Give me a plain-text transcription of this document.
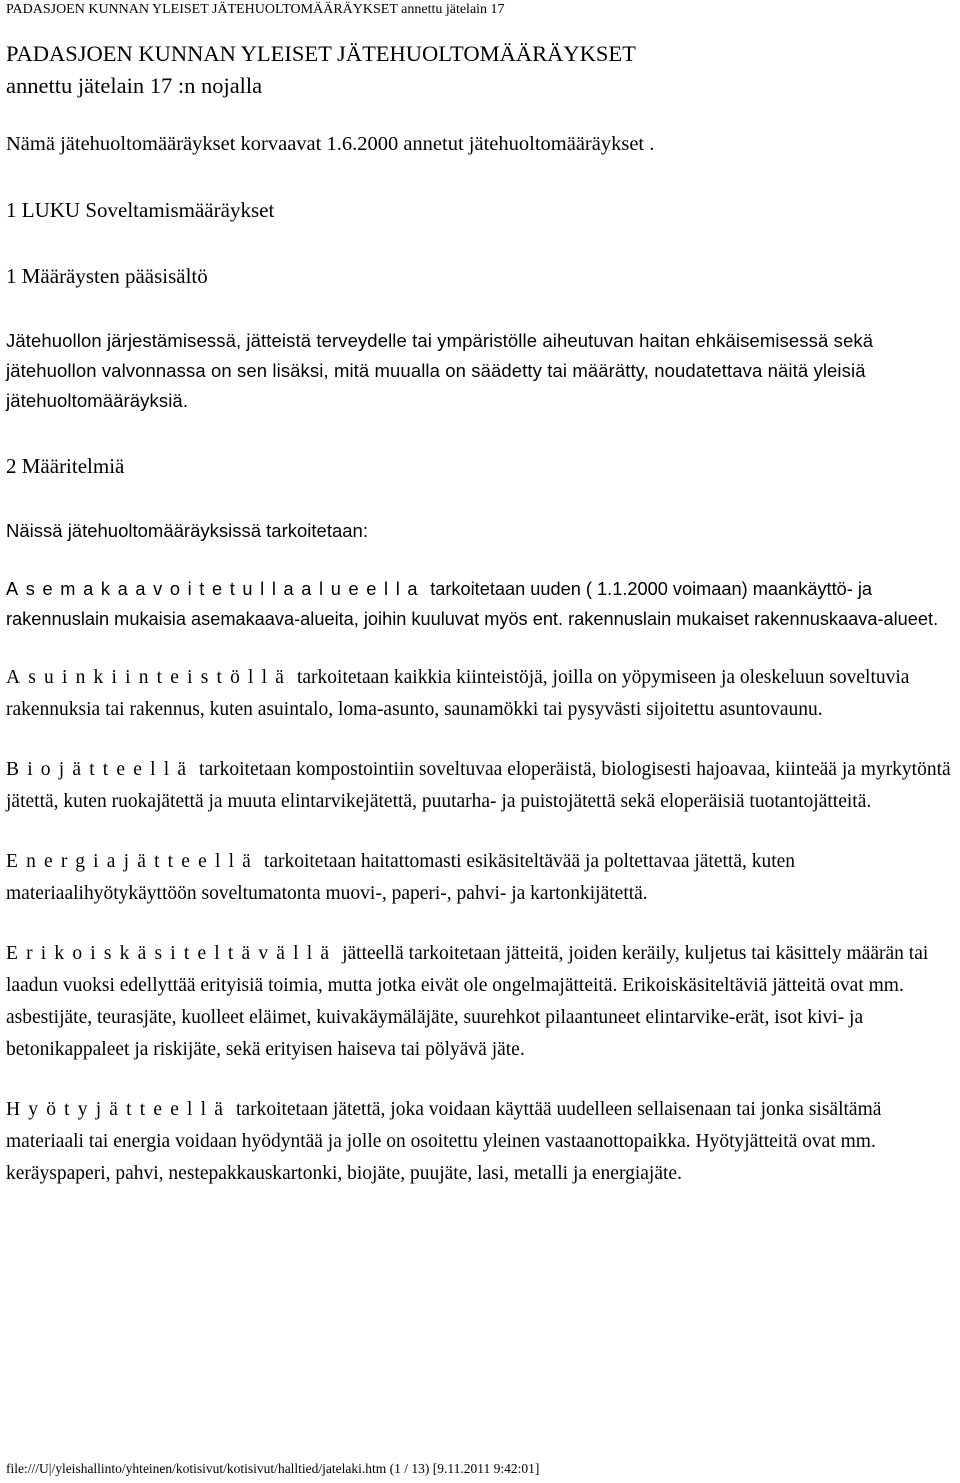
PADASJOEN KUNNAN YLEISET JÄTEHUOLTOMÄÄRÄYKSET annettu jätelain 17
PADASJOEN KUNNAN YLEISET JÄTEHUOLTOMÄÄRÄYKSET
annettu jätelain 17 :n nojalla

Nämä jätehuoltomääräykset korvaavat 1.6.2000 annetut jätehuoltomääräykset .

1 LUKU Soveltamismääräykset
1 Määräysten pääsisältö

Jätehuollon järjestämisessä, jätteistä terveydelle tai ympäristölle aiheutuvan haitan ehkäisemisessä sekä jätehuollon valvonnassa on sen lisäksi, mitä muualla on säädetty tai määrätty, noudatettava näitä yleisiä jätehuoltomääräyksiä.

2 Määritelmiä

Näissä jätehuoltomääräyksissä tarkoitetaan:

Asemakaavoitetullaalueella tarkoitetaan uuden ( 1.1.2000 voimaan) maankäyttö- ja rakennuslain mukaisia asemakaava-alueita, joihin kuuluvat myös ent. rakennuslain mukaiset rakennuskaava-alueet.

Asuinkiinteistöllä tarkoitetaan kaikkia kiinteistöjä, joilla on yöpymiseen ja oleskeluun soveltuvia rakennuksia tai rakennus, kuten asuintalo, loma-asunto, saunamökki tai pysyvästi sijoitettu asuntovaunu.

Biojätteellä tarkoitetaan kompostointiin soveltuvaa eloperäistä, biologisesti hajoavaa, kiinteää ja myrkytöntä jätettä, kuten ruokajätettä ja muuta elintarvikejätettä, puutarha- ja puistojätettä sekä eloperäisiä tuotantojätteitä.

Energiajätteellä tarkoitetaan haitattomasti esikäsiteltävää ja poltettavaa jätettä, kuten materiaalihyötykäyttöön soveltumatonta muovi-, paperi-, pahvi- ja kartonkijätettä.

Erikoiskäsiteltävällä jätteellä tarkoitetaan jätteitä, joiden keräily, kuljetus tai käsittely määrän tai laadun vuoksi edellyttää erityisiä toimia, mutta jotka eivät ole ongelmajätteitä. Erikoiskäsiteltäviä jätteitä ovat mm. asbestijäte, teurasjäte, kuolleet eläimet, kuivakäymäläjäte, suurehkot pilaantuneet elintarvike-erät, isot kivi- ja betonikappaleet ja riskijäte, sekä erityisen haiseva tai pölyävä jäte.

Hyötyjätteellä tarkoitetaan jätettä, joka voidaan käyttää uudelleen sellaisenaan tai jonka sisältämä materiaali tai energia voidaan hyödyntää ja jolle on osoitettu yleinen vastaanottopaikka. Hyötyjätteitä ovat mm. keräyspaperi, pahvi, nestepakkauskartonki, biojäte, puujäte, lasi, metalli ja energiajäte.

file:///U|/yleishallinto/yhteinen/kotisivut/kotisivut/halltied/jatelaki.htm (1 / 13) [9.11.2011 9:42:01]
